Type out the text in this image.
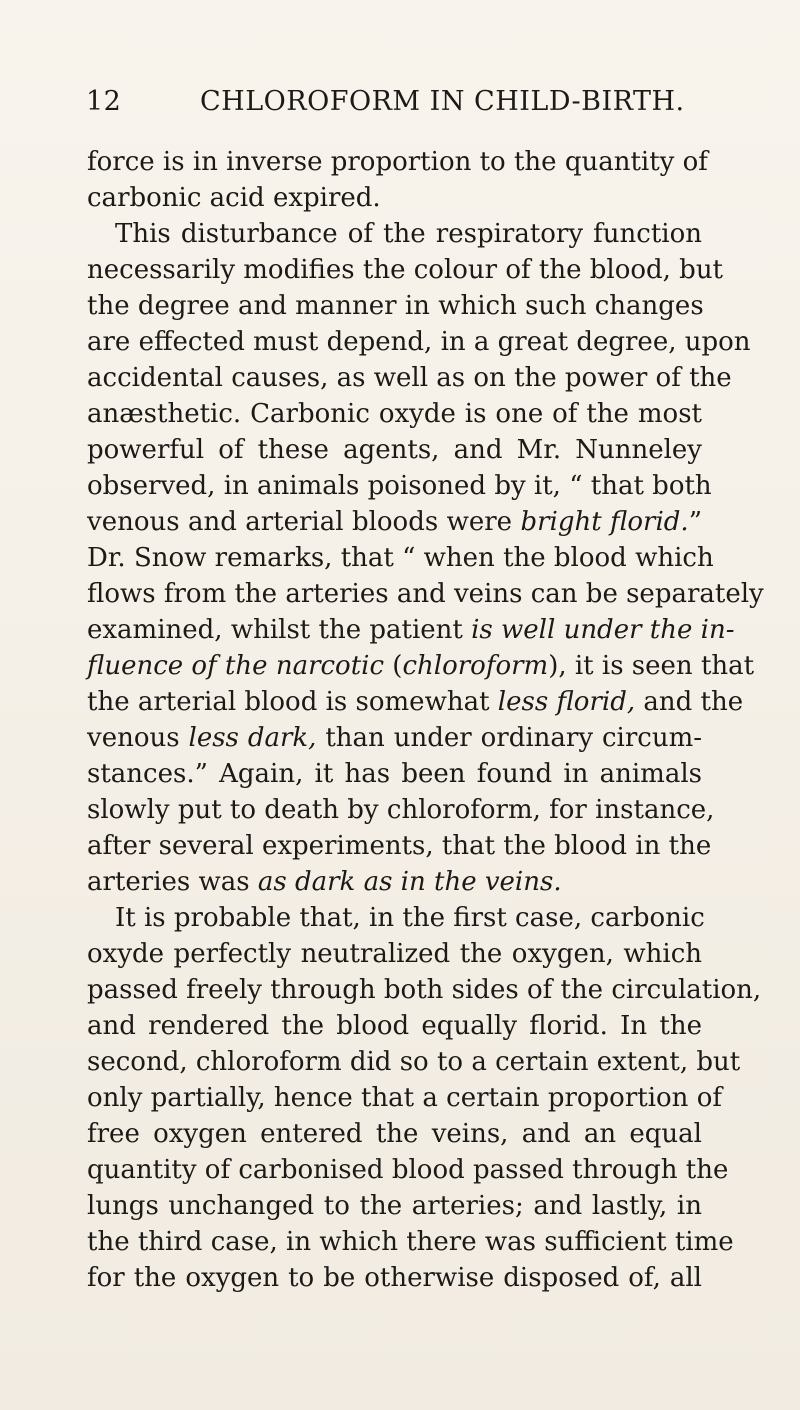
12	CHLOROFORM IN CHILD-BIRTH.
force is in inverse proportion to the quantity of
carbonic acid expired.
This disturbance of the respiratory function
necessarily modifies the colour of the blood, but
the degree and manner in which such changes
are effected must depend, in a great degree, upon
accidental causes, as well as on the power of the
anæsthetic. Carbonic oxyde is one of the most
powerful of these agents, and Mr. Nunneley
observed, in animals poisoned by it, “ that both
venous and arterial bloods were bright florid.”
Dr. Snow remarks, that “ when the blood which
flows from the arteries and veins can be separately
examined, whilst the patient is well under the in-
fluence of the narcotic (chloroform), it is seen that
the arterial blood is somewhat less florid, and the
venous less dark, than under ordinary circum-
stances.” Again, it has been found in animals
slowly put to death by chloroform, for instance,
after several experiments, that the blood in the
arteries was as dark as in the veins.
It is probable that, in the first case, carbonic
oxyde perfectly neutralized the oxygen, which
passed freely through both sides of the circulation,
and rendered the blood equally florid. In the
second, chloroform did so to a certain extent, but
only partially, hence that a certain proportion of
free oxygen entered the veins, and an equal
quantity of carbonised blood passed through the
lungs unchanged to the arteries; and lastly, in
the third case, in which there was sufficient time
for the oxygen to be otherwise disposed of, all
